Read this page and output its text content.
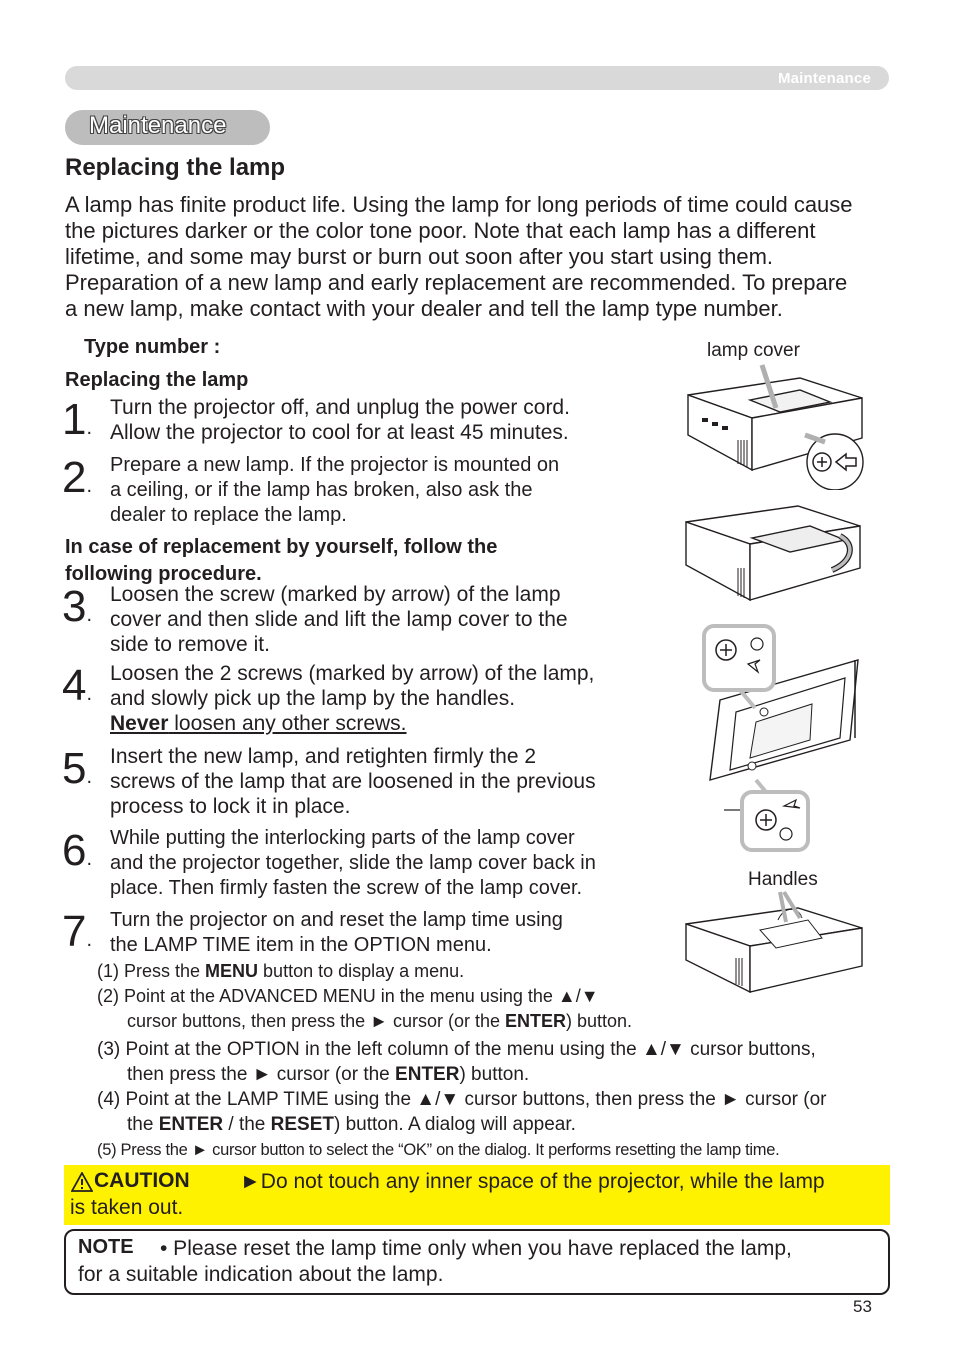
Maintenance
Maintenance
Replacing the lamp
A lamp has finite product life. Using the lamp for long periods of time could cause
the pictures darker or the color tone poor. Note that each lamp has a different
lifetime, and some may burst or burn out soon after you start using them.
Preparation of a new lamp and early replacement are recommended. To prepare
a new lamp, make contact with your dealer and tell the lamp type number.
Type number :
Replacing the lamp
1 . Turn the projector off, and unplug the power cord.
Allow the projector to cool for at least 45 minutes.
2 . Prepare a new lamp. If the projector is mounted on
a ceiling, or if the lamp has broken, also ask the
dealer to replace the lamp.
In case of replacement by yourself, follow the
following procedure.
3 . Loosen the screw (marked by arrow) of the lamp
cover and then slide and lift the lamp cover to the
side to remove it.
4 . Loosen the 2 screws (marked by arrow) of the lamp,
and slowly pick up the lamp by the handles.
Never loosen any other screws.
5 . Insert the new lamp, and retighten firmly the 2
screws of the lamp that are loosened in the previous
process to lock it in place.
6 . While putting the interlocking parts of the lamp cover
and the projector together, slide the lamp cover back in
place. Then firmly fasten the screw of the lamp cover.
7 . Turn the projector on and reset the lamp time using
the LAMP TIME item in the OPTION menu.
(1) Press the MENU button to display a menu.
(2) Point at the ADVANCED MENU in the menu using the ▲/▼
cursor buttons, then press the ► cursor (or the ENTER) button.
(3) Point at the OPTION in the left column of the menu using the ▲/▼ cursor buttons,
then press the ► cursor (or the ENTER) button.
(4) Point at the LAMP TIME using the ▲/▼ cursor buttons, then press the ► cursor (or
the ENTER / the RESET) button. A dialog will appear.
(5) Press the ► cursor button to select the “OK” on the dialog. It performs resetting the lamp time.
lamp cover
Handles
CAUTION ►Do not touch any inner space of the projector, while the lamp
is taken out.
NOTE • Please reset the lamp time only when you have replaced the lamp,
for a suitable indication about the lamp.
53
